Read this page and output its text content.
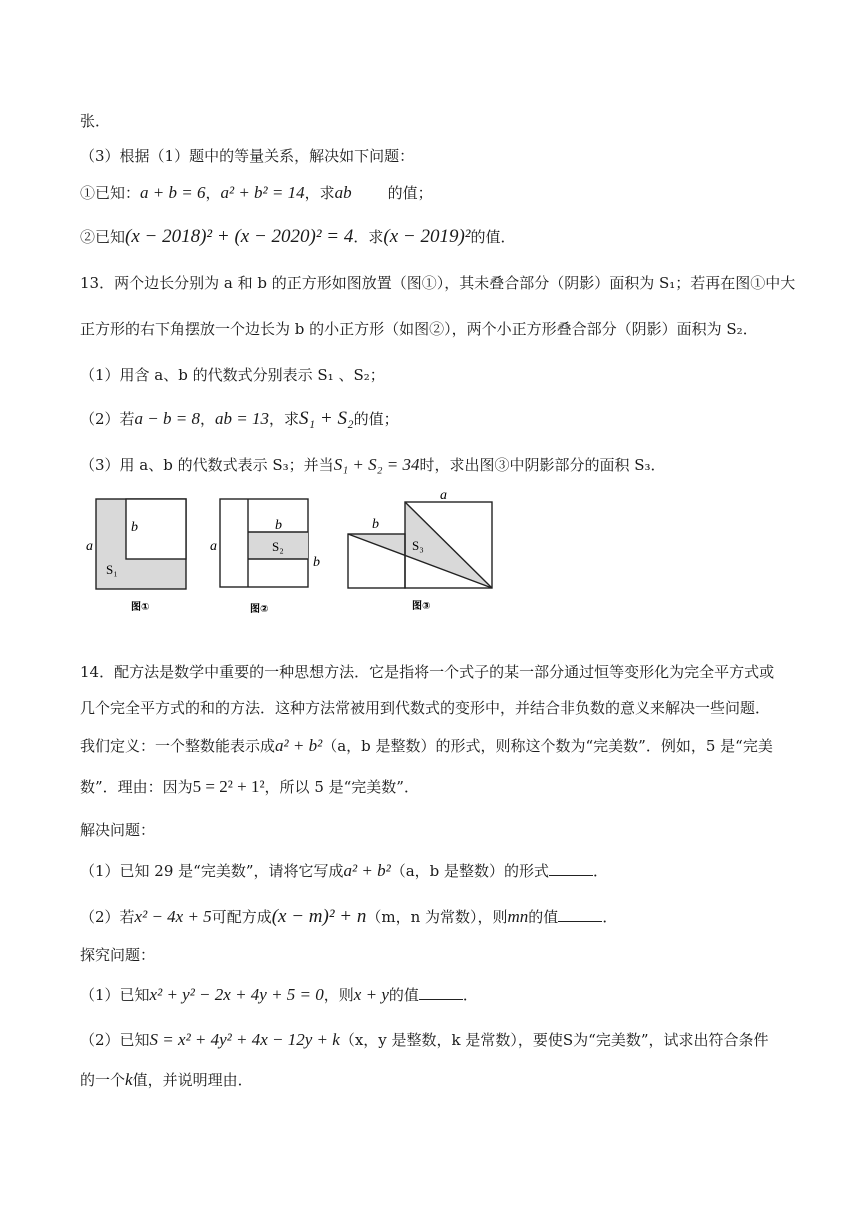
张．
（3）根据（1）题中的等量关系，解决如下问题：
①已知：a + b = 6，a² + b² = 14，求ab 的值；
②已知(x − 2018)² + (x − 2020)² = 4．求(x − 2019)²的值．
13．两个边长分别为 a 和 b 的正方形如图放置（图①），其未叠合部分（阴影）面积为 S₁；若再在图①中大
正方形的右下角摆放一个边长为 b 的小正方形（如图②），两个小正方形叠合部分（阴影）面积为 S₂．
（1）用含 a、b 的代数式分别表示 S₁ 、S₂；
（2）若a − b = 8，ab = 13，求S₁ + S₂的值；
（3）用 a、b 的代数式表示 S₃；并当S₁ + S₂ = 34时，求出图③中阴影部分的面积 S₃．
a
b
S₁
图①
a
b
b
S₂
图②
a
b
S₃
图③
14．配方法是数学中重要的一种思想方法．它是指将一个式子的某一部分通过恒等变形化为完全平方式或
几个完全平方式的和的方法．这种方法常被用到代数式的变形中，并结合非负数的意义来解决一些问题．
我们定义：一个整数能表示成a² + b²（a，b 是整数）的形式，则称这个数为“完美数”．例如，5 是“完美
数”．理由：因为5 = 2² + 1²，所以 5 是“完美数”．
解决问题：
（1）已知 29 是“完美数”，请将它写成a² + b²（a，b 是整数）的形式	．
（2）若x² − 4x + 5可配方成(x − m)² + n（m，n 为常数），则mn的值	．
探究问题：
（1）已知x² + y² − 2x + 4y + 5 = 0，则x + y的值	．
（2）已知S = x² + 4y² + 4x − 12y + k（x，y 是整数，k 是常数），要使S为“完美数”，试求出符合条件
的一个k值，并说明理由．
